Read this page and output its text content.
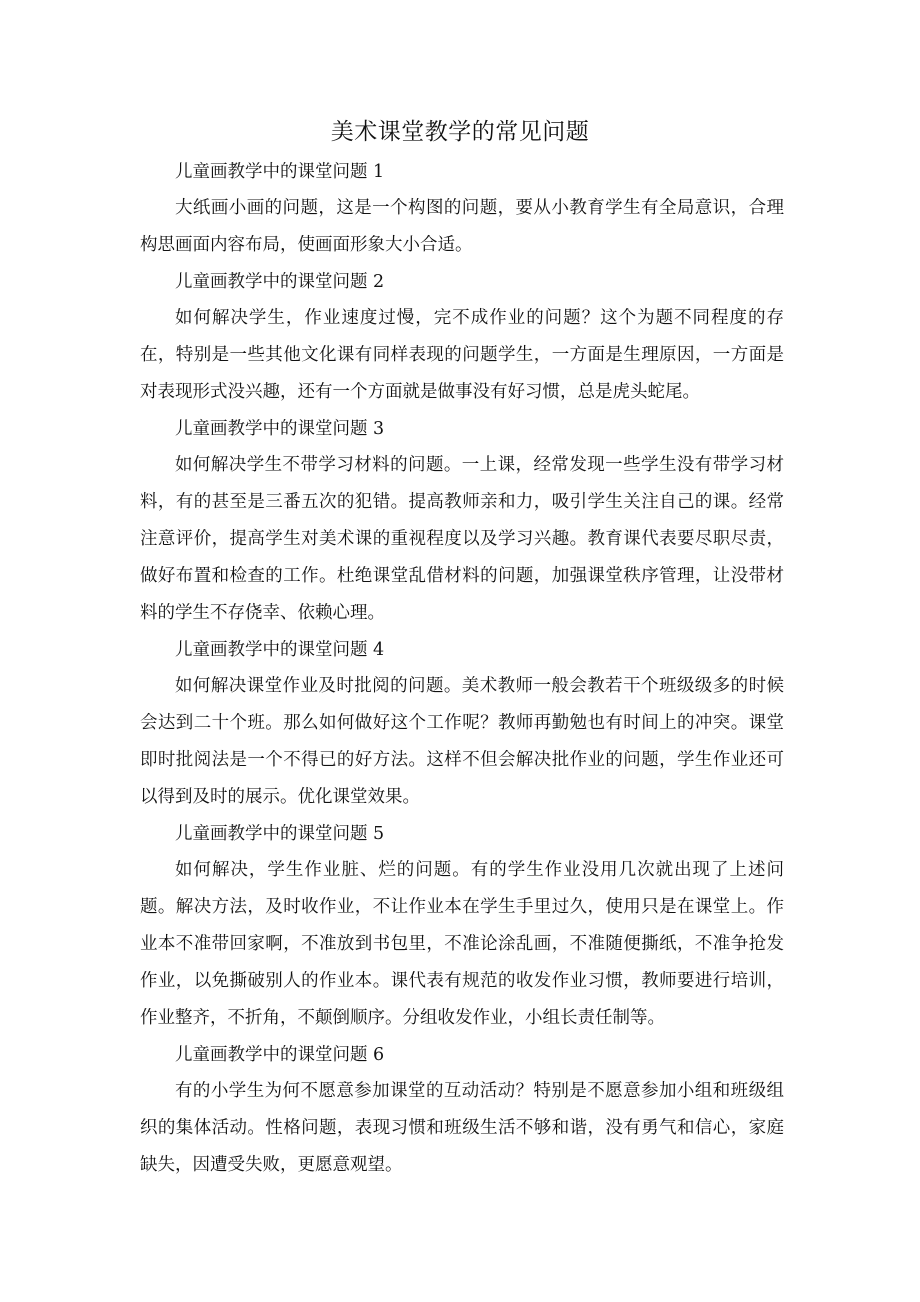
美术课堂教学的常见问题

儿童画教学中的课堂问题 1

大纸画小画的问题，这是一个构图的问题，要从小教育学生有全局意识，合理构思画面内容布局，使画面形象大小合适。

儿童画教学中的课堂问题 2

如何解决学生，作业速度过慢，完不成作业的问题？这个为题不同程度的存在，特别是一些其他文化课有同样表现的问题学生，一方面是生理原因，一方面是对表现形式没兴趣，还有一个方面就是做事没有好习惯，总是虎头蛇尾。

儿童画教学中的课堂问题 3

如何解决学生不带学习材料的问题。一上课，经常发现一些学生没有带学习材料，有的甚至是三番五次的犯错。提高教师亲和力，吸引学生关注自己的课。经常注意评价，提高学生对美术课的重视程度以及学习兴趣。教育课代表要尽职尽责，做好布置和检查的工作。杜绝课堂乱借材料的问题，加强课堂秩序管理，让没带材料的学生不存侥幸、依赖心理。

儿童画教学中的课堂问题 4

如何解决课堂作业及时批阅的问题。美术教师一般会教若干个班级级多的时候会达到二十个班。那么如何做好这个工作呢？教师再勤勉也有时间上的冲突。课堂即时批阅法是一个不得已的好方法。这样不但会解决批作业的问题，学生作业还可以得到及时的展示。优化课堂效果。

儿童画教学中的课堂问题 5

如何解决，学生作业脏、烂的问题。有的学生作业没用几次就出现了上述问题。解决方法，及时收作业，不让作业本在学生手里过久，使用只是在课堂上。作业本不准带回家啊，不准放到书包里，不准论涂乱画，不准随便撕纸，不准争抢发作业，以免撕破别人的作业本。课代表有规范的收发作业习惯，教师要进行培训，作业整齐，不折角，不颠倒顺序。分组收发作业，小组长责任制等。

儿童画教学中的课堂问题 6

有的小学生为何不愿意参加课堂的互动活动？特别是不愿意参加小组和班级组织的集体活动。性格问题，表现习惯和班级生活不够和谐，没有勇气和信心，家庭缺失，因遭受失败，更愿意观望。
